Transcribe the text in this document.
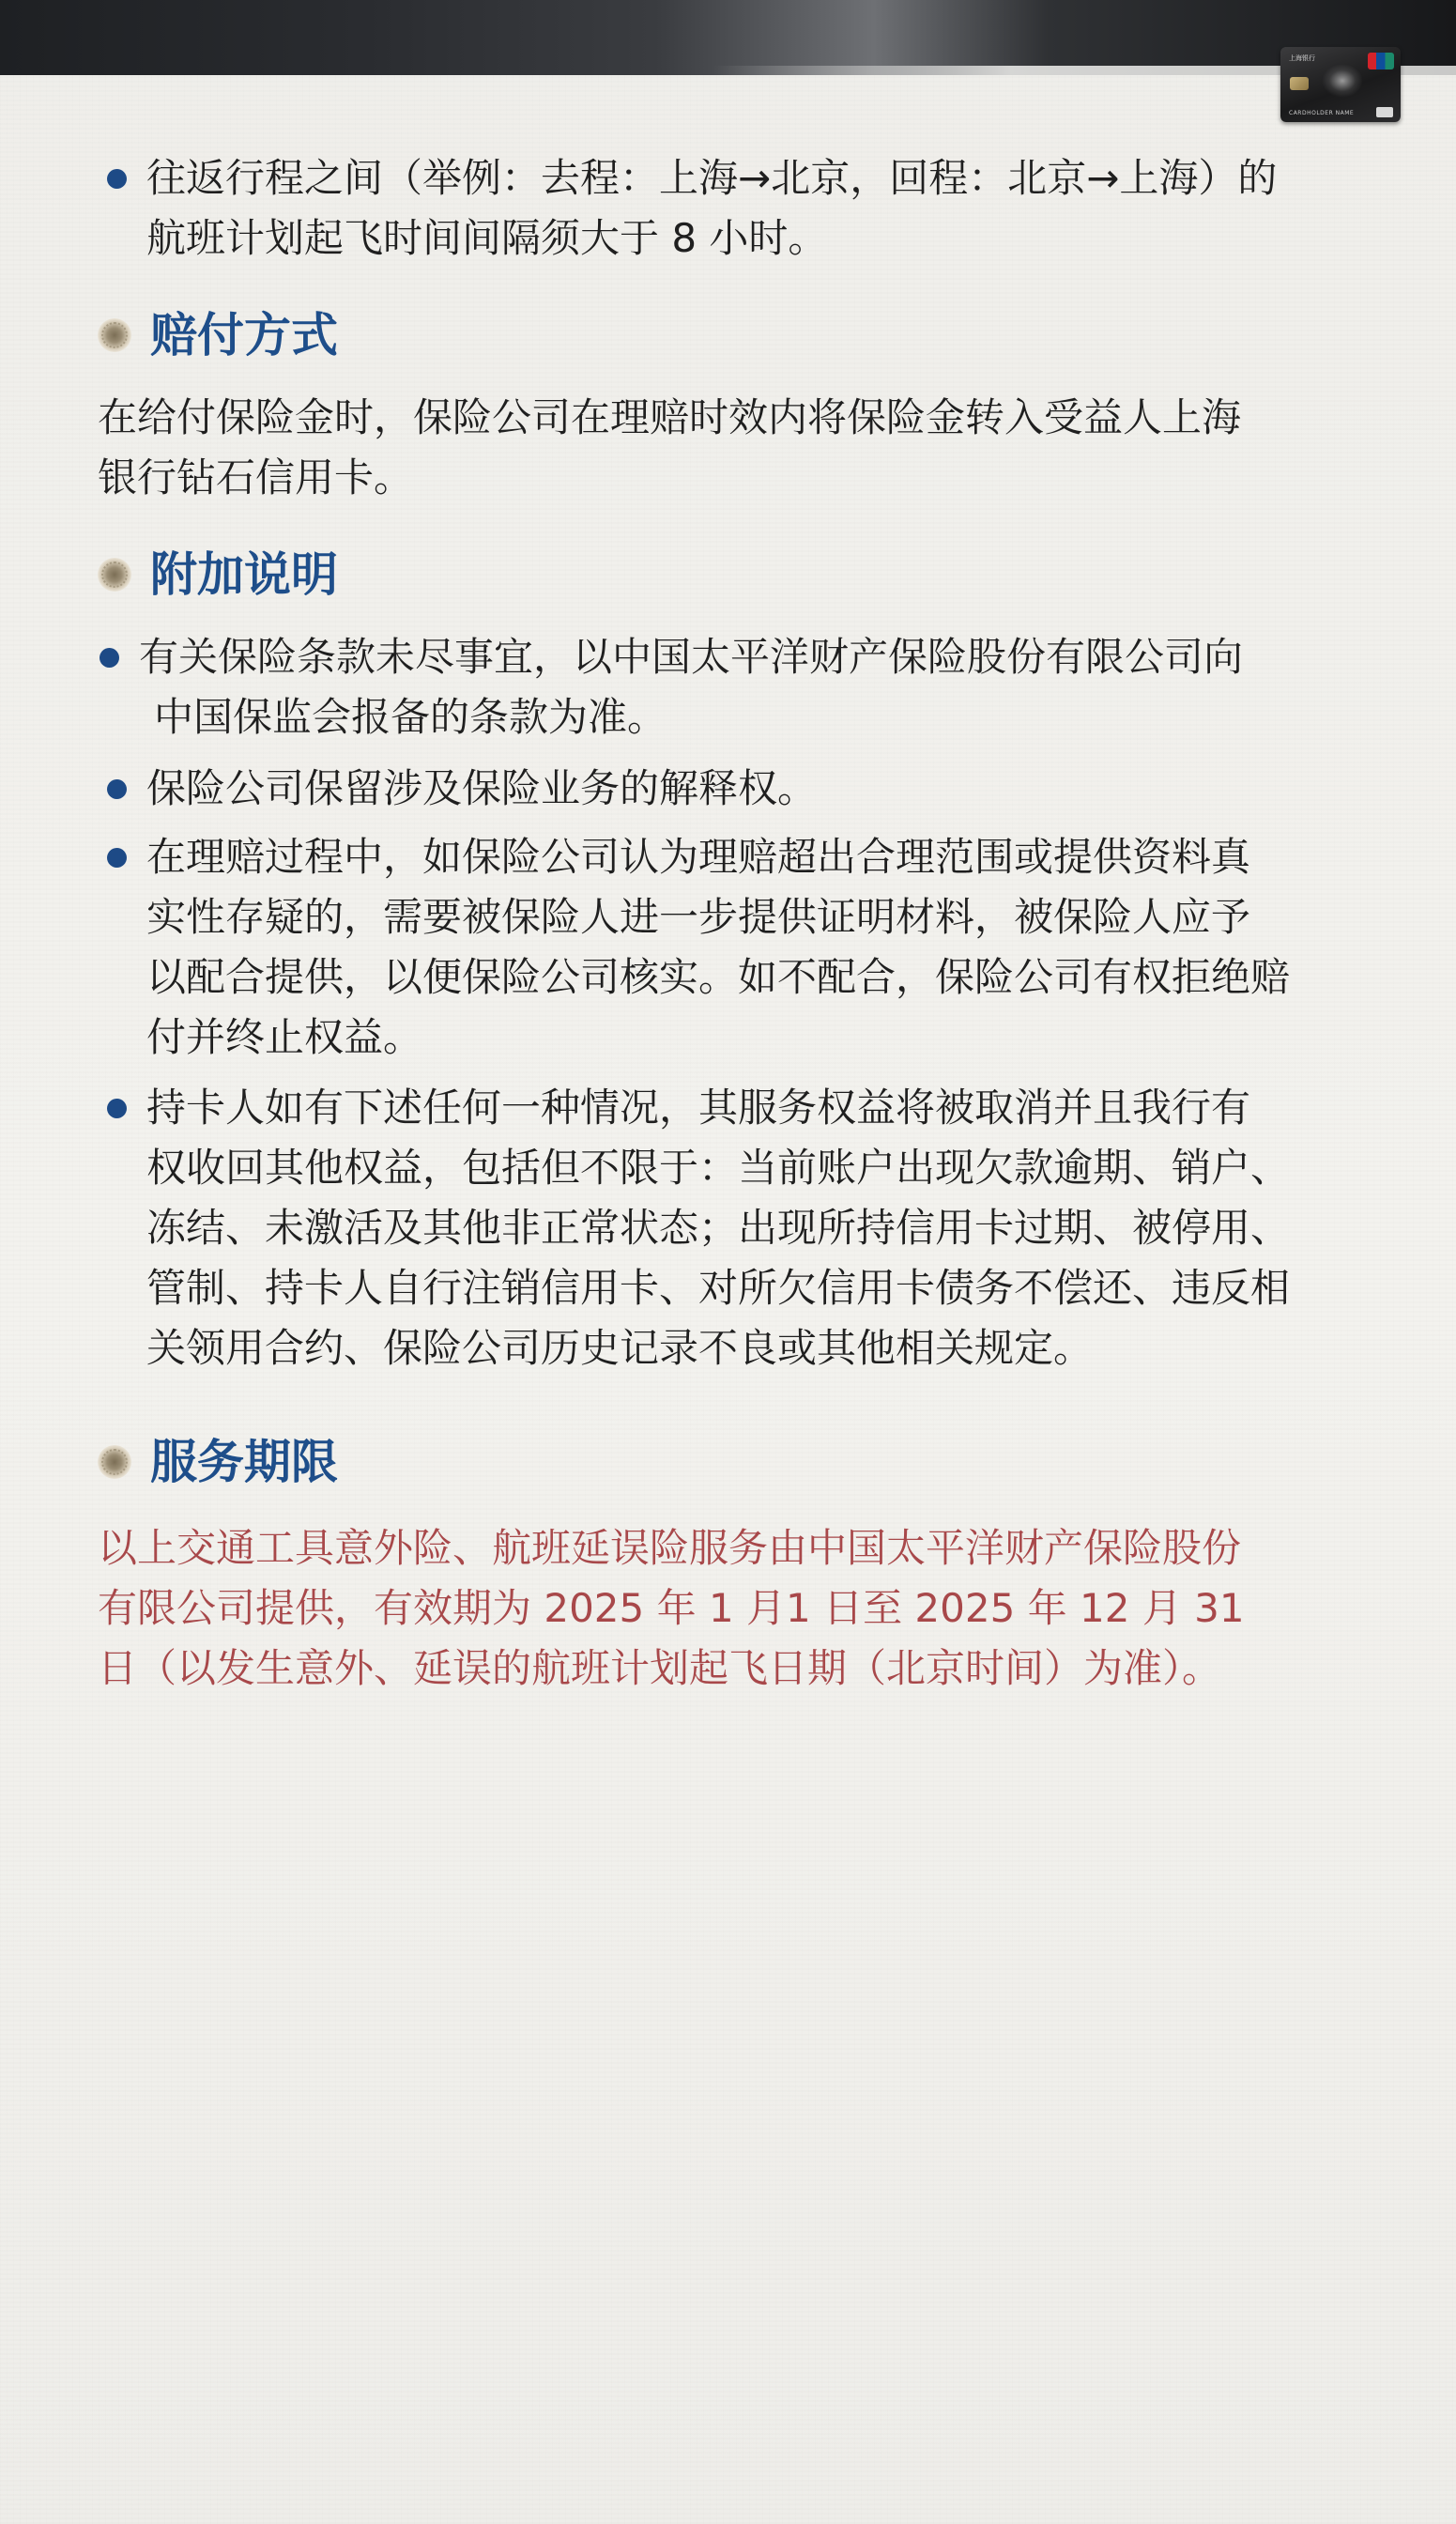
上海银行
CARDHOLDER NAME
往返行程之间（举例：去程：上海→北京，回程：北京→上海）的
航班计划起飞时间间隔须大于 8 小时。
赔付方式
在给付保险金时，保险公司在理赔时效内将保险金转入受益人上海
银行钻石信用卡。
附加说明
有关保险条款未尽事宜，以中国太平洋财产保险股份有限公司向
中国保监会报备的条款为准。
保险公司保留涉及保险业务的解释权。
在理赔过程中，如保险公司认为理赔超出合理范围或提供资料真
实性存疑的，需要被保险人进一步提供证明材料，被保险人应予
以配合提供，以便保险公司核实。如不配合，保险公司有权拒绝赔
付并终止权益。
持卡人如有下述任何一种情况，其服务权益将被取消并且我行有
权收回其他权益，包括但不限于：当前账户出现欠款逾期、销户、
冻结、未激活及其他非正常状态；出现所持信用卡过期、被停用、
管制、持卡人自行注销信用卡、对所欠信用卡债务不偿还、违反相
关领用合约、保险公司历史记录不良或其他相关规定。
服务期限
以上交通工具意外险、航班延误险服务由中国太平洋财产保险股份
有限公司提供，有效期为 2025 年 1 月1 日至 2025 年 12 月 31
日（以发生意外、延误的航班计划起飞日期（北京时间）为准）。
